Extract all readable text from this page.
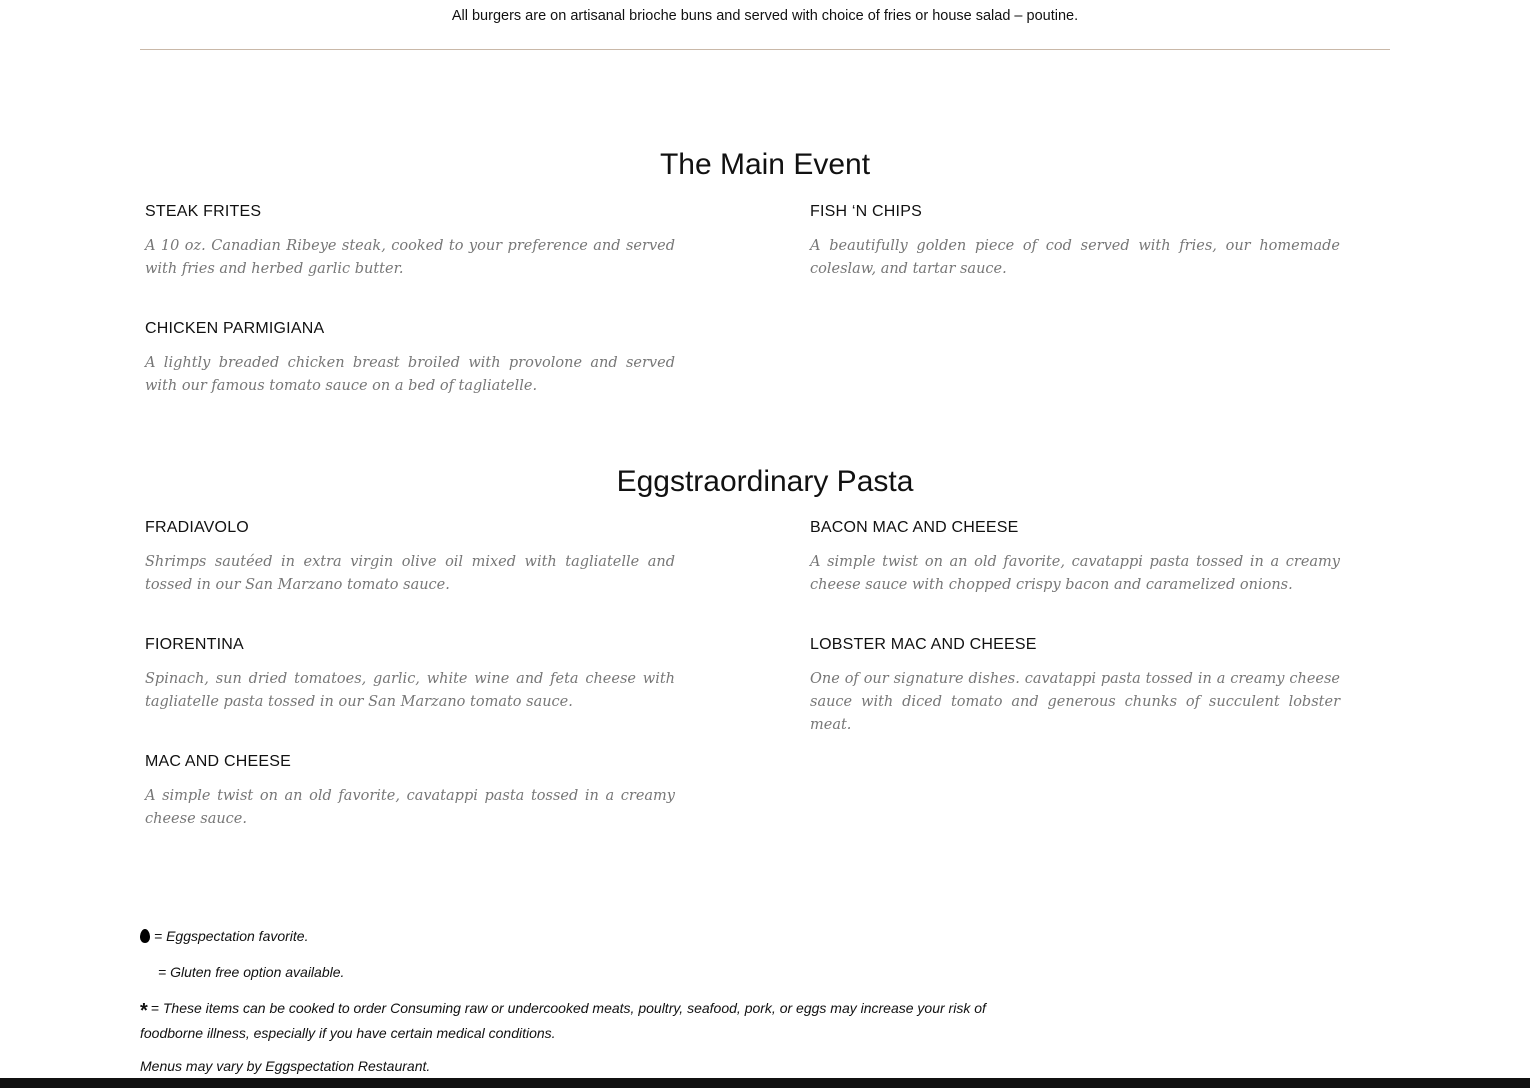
All burgers are on artisanal brioche buns and served with choice of fries or house salad – poutine.
The Main Event
STEAK FRITES
A 10 oz. Canadian Ribeye steak, cooked to your preference and served with fries and herbed garlic butter.
FISH ‘N CHIPS
A beautifully golden piece of cod served with fries, our homemade coleslaw, and tartar sauce.
CHICKEN PARMIGIANA
A lightly breaded chicken breast broiled with provolone and served with our famous tomato sauce on a bed of tagliatelle.
Eggstraordinary Pasta
FRADIAVOLO
Shrimps sautéed in extra virgin olive oil mixed with tagliatelle and tossed in our San Marzano tomato sauce.
BACON MAC AND CHEESE
A simple twist on an old favorite, cavatappi pasta tossed in a creamy cheese sauce with chopped crispy bacon and caramelized onions.
FIORENTINA
Spinach, sun dried tomatoes, garlic, white wine and feta cheese with tagliatelle pasta tossed in our San Marzano tomato sauce.
LOBSTER MAC AND CHEESE
One of our signature dishes. cavatappi pasta tossed in a creamy cheese sauce with diced tomato and generous chunks of succulent lobster meat.
MAC AND CHEESE
A simple twist on an old favorite, cavatappi pasta tossed in a creamy cheese sauce.
= Eggspectation favorite.
= Gluten free option available.
* = These items can be cooked to order Consuming raw or undercooked meats, poultry, seafood, pork, or eggs may increase your risk of foodborne illness, especially if you have certain medical conditions.
Menus may vary by Eggspectation Restaurant.
